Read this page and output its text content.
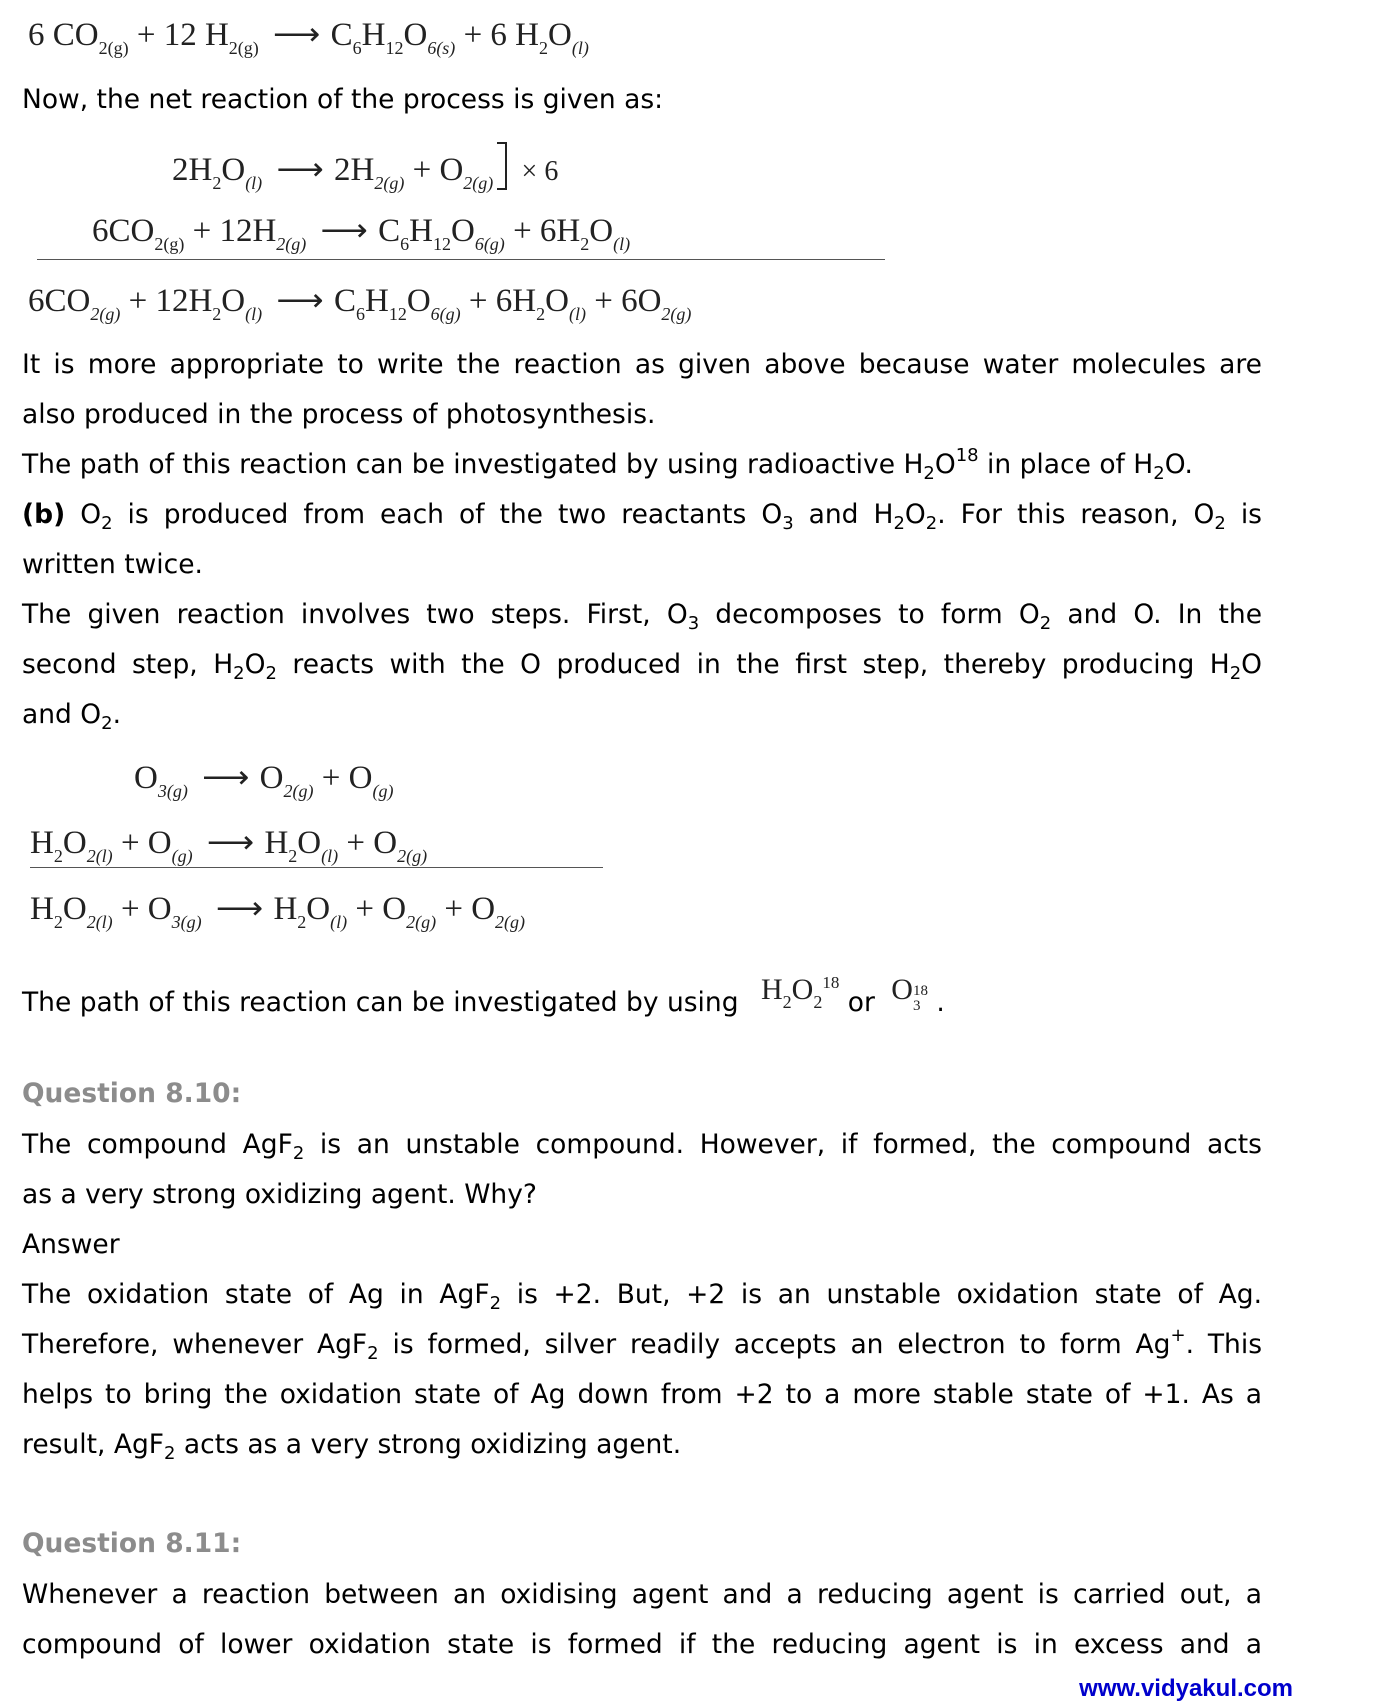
6 $CO_{2(g)} + 12$ $H_{2(g)}$ ⟶ $C_6H_{12}O_{6(s)} + 6$ $H_2O_{(l)}$
Now, the net reaction of the process is given as:
$2H_2O_{(l)}$ ⟶ $2H_{2(g)} + O_{2(g)} \times 6$
$6CO_{2(g)} + 12H_{2(g)}$ ⟶ $C_6H_{12}O_{6(g)} + 6H_2O_{(l)}$
$6CO_{2(g)} + 12H_2O_{(l)}$ ⟶ $C_6H_{12}O_{6(g)} + 6H_2O_{(l)} + 6O_{2(g)}$
It is more appropriate to write the reaction as given above because water molecules are
also produced in the process of photosynthesis.
The path of this reaction can be investigated by using radioactive $H_2O^{18}$ in place of $H_2O$.
(b) $O_2$ is produced from each of the two reactants $O_3$ and $H_2O_2$. For this reason, $O_2$ is
written twice.
The given reaction involves two steps. First, $O_3$ decomposes to form $O_2$ and O. In the
second step, $H_2O_2$ reacts with the O produced in the first step, thereby producing $H_2O$
and $O_2$.
$O_{3(g)}$ ⟶ $O_{2(g)} + O_{(g)}$
$H_2O_{2(l)} + O_{(g)}$ ⟶ $H_2O_{(l)} + O_{2(g)}$
$H_2O_{2(l)} + O_{3(g)}$ ⟶ $H_2O_{(l)} + O_{2(g)} + O_{2(g)}$
The path of this reaction can be investigated by using $H_2O_2^{18}$ or O 18
3 .
Question 8.10:
The compound AgF$_2$ is an unstable compound. However, if formed, the compound acts
as a very strong oxidizing agent. Why?
Answer
The oxidation state of Ag in AgF$_2$ is +2. But, +2 is an unstable oxidation state of Ag.
Therefore, whenever AgF$_2$ is formed, silver readily accepts an electron to form Ag+. This
helps to bring the oxidation state of Ag down from +2 to a more stable state of +1. As a
result, AgF$_2$ acts as a very strong oxidizing agent.
Question 8.11:
Whenever a reaction between an oxidising agent and a reducing agent is carried out, a
compound of lower oxidation state is formed if the reducing agent is in excess and a
www.vidyakul.com
